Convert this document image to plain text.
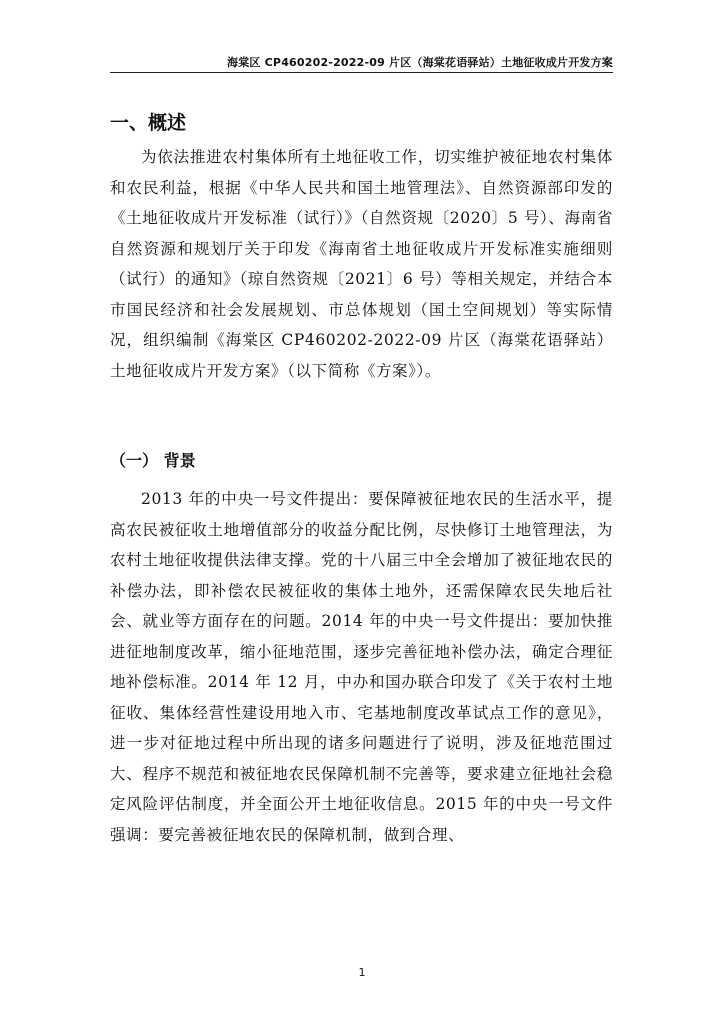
海棠区 CP460202-2022-09 片区（海棠花语驿站）土地征收成片开发方案
一、概述

为依法推进农村集体所有土地征收工作，切实维护被征地农村集体和农民利益，根据《中华人民共和国土地管理法》、自然资源部印发的《土地征收成片开发标准（试行）》（自然资规〔2020〕5 号）、海南省自然资源和规划厅关于印发《海南省土地征收成片开发标准实施细则（试行）的通知》（琼自然资规〔2021〕6 号）等相关规定，并结合本市国民经济和社会发展规划、市总体规划（国土空间规划）等实际情况，组织编制《海棠区 CP460202-2022-09 片区（海棠花语驿站）土地征收成片开发方案》（以下简称《方案》）。

（一） 背景

2013 年的中央一号文件提出：要保障被征地农民的生活水平，提高农民被征收土地增值部分的收益分配比例，尽快修订土地管理法，为农村土地征收提供法律支撑。党的十八届三中全会增加了被征地农民的补偿办法，即补偿农民被征收的集体土地外，还需保障农民失地后社会、就业等方面存在的问题。2014 年的中央一号文件提出：要加快推进征地制度改革，缩小征地范围，逐步完善征地补偿办法，确定合理征地补偿标准。2014 年 12 月，中办和国办联合印发了《关于农村土地征收、集体经营性建设用地入市、宅基地制度改革试点工作的意见》，进一步对征地过程中所出现的诸多问题进行了说明，涉及征地范围过大、程序不规范和被征地农民保障机制不完善等，要求建立征地社会稳定风险评估制度，并全面公开土地征收信息。2015 年的中央一号文件强调：要完善被征地农民的保障机制，做到合理、

1
